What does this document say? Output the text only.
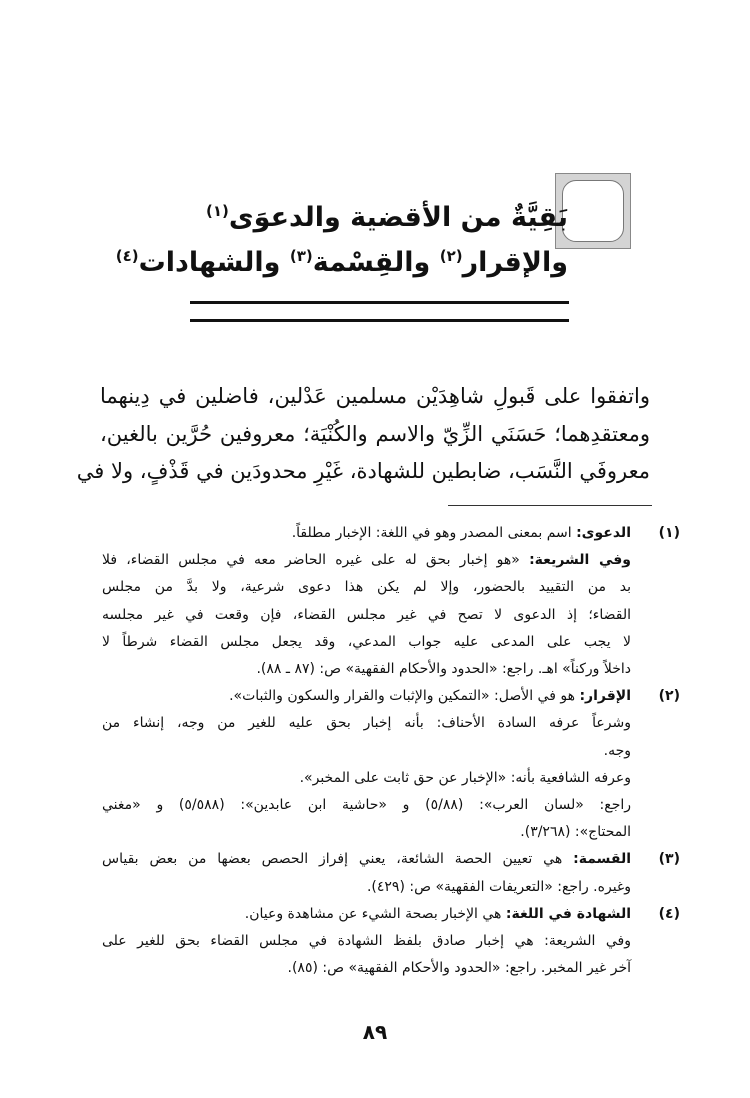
بَقِيَّةٌ من الأقضية والدعوَى$^{(١)}$
والإقرار$^{(٢)}$ والقِسْمة$^{(٣)}$ والشهادات$^{(٤)}$
واتفقوا على قَبولِ شاهِدَيْن مسلمين عَدْلين، فاضلين في دِينهما
ومعتقدِهما؛ حَسَنَي الزِّيّ والاسم والكُنْيَة؛ معروفين حُرَّين بالغين،
معروفَي النَّسَب، ضابطين للشهادة، غَيْرِ محدودَين في قَذْفٍ، ولا في
(١)
الدعوى: اسم بمعنى المصدر وهو في اللغة: الإخبار مطلقاً.
وفي الشريعة: «هو إخبار بحق له على غيره الحاضر معه في مجلس القضاء، فلا
بد من التقييد بالحضور، وإلا لم يكن هذا دعوى شرعية، ولا بدَّ من مجلس
القضاء؛ إذ الدعوى لا تصح في غير مجلس القضاء، فإن وقعت في غير مجلسه
لا يجب على المدعى عليه جواب المدعي، وقد يجعل مجلس القضاء شرطاً لا
داخلاً وركناً» اهـ. راجع: «الحدود والأحكام الفقهية» ص: (٨٧ ـ ٨٨).
(٢)
الإقرار: هو في الأصل: «التمكين والإثبات والقرار والسكون والثبات».
وشرعاً عرفه السادة الأحناف: بأنه إخبار بحق عليه للغير من وجه، إنشاء من
وجه.
وعرفه الشافعية بأنه: «الإخبار عن حق ثابت على المخبر».
راجع: «لسان العرب»: (٥/٨٨) و «حاشية ابن عابدين»: (٥/٥٨٨) و «مغني
المحتاج»: (٣/٢٦٨).
(٣)
القسمة: هي تعيين الحصة الشائعة، يعني إفراز الحصص بعضها من بعض بقياس
وغيره. راجع: «التعريفات الفقهية» ص: (٤٢٩).
(٤)
الشهادة في اللغة: هي الإخبار بصحة الشيء عن مشاهدة وعيان.
وفي الشريعة: هي إخبار صادق بلفظ الشهادة في مجلس القضاء بحق للغير على
آخر غير المخبر. راجع: «الحدود والأحكام الفقهية» ص: (٨٥).
٨٩
